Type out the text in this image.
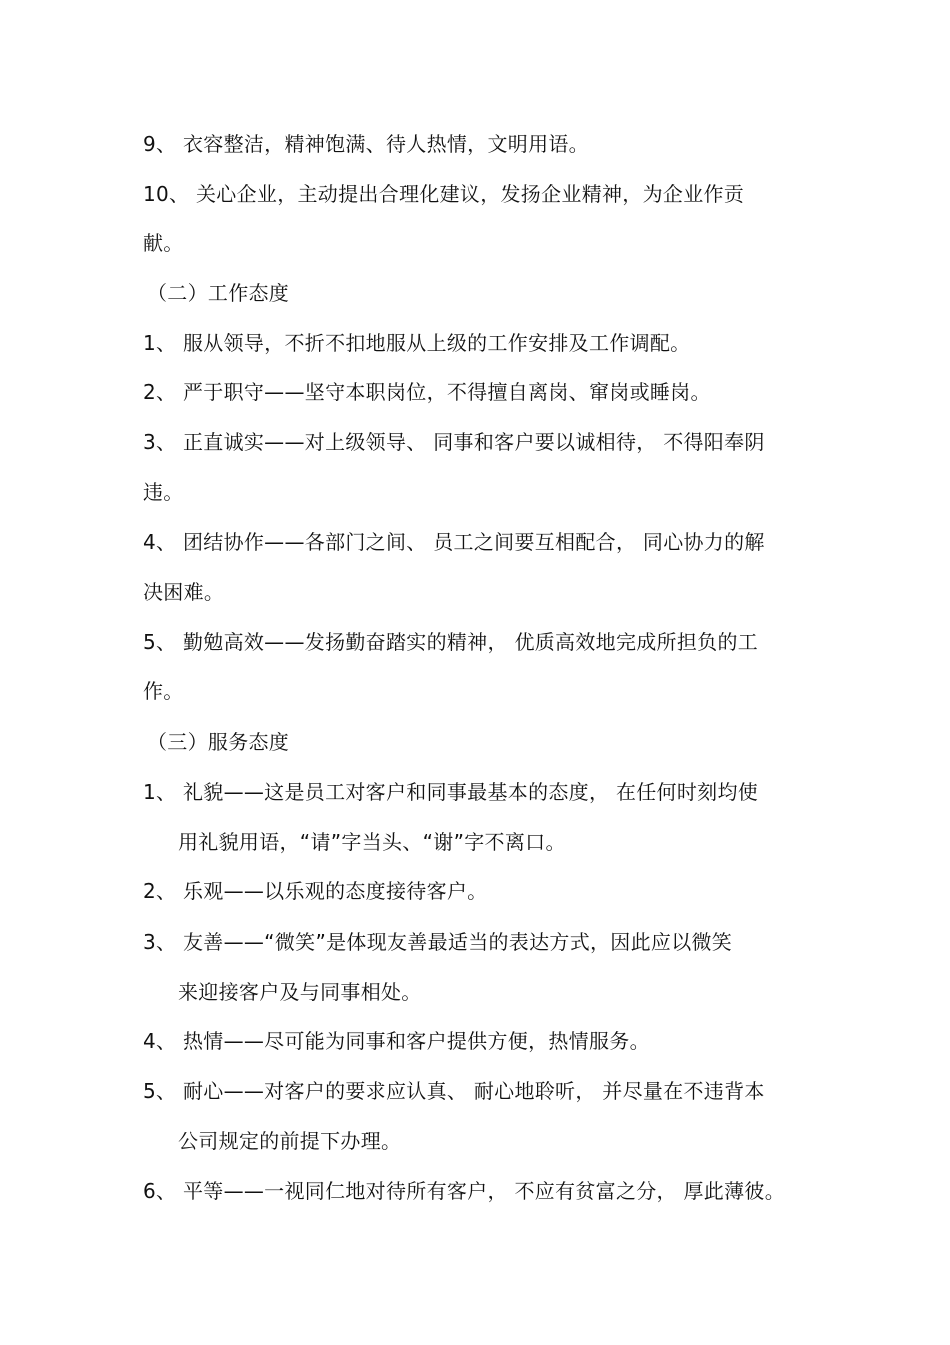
9、 衣容整洁，精神饱满、待人热情，文明用语。
10、 关心企业，主动提出合理化建议，发扬企业精神，为企业作贡
献。
（二）工作态度
1、 服从领导，不折不扣地服从上级的工作安排及工作调配。
2、 严于职守——坚守本职岗位，不得擅自离岗、窜岗或睡岗。
3、 正直诚实——对上级领导、 同事和客户要以诚相待， 不得阳奉阴
违。
4、 团结协作——各部门之间、 员工之间要互相配合， 同心协力的解
决困难。
5、 勤勉高效——发扬勤奋踏实的精神， 优质高效地完成所担负的工
作。
（三）服务态度
1、 礼貌——这是员工对客户和同事最基本的态度， 在任何时刻均使
用礼貌用语，“请”字当头、“谢”字不离口。
2、 乐观——以乐观的态度接待客户。
3、 友善——“微笑”是体现友善最适当的表达方式，因此应以微笑
来迎接客户及与同事相处。
4、 热情——尽可能为同事和客户提供方便，热情服务。
5、 耐心——对客户的要求应认真、 耐心地聆听， 并尽量在不违背本
公司规定的前提下办理。
6、 平等——一视同仁地对待所有客户， 不应有贫富之分， 厚此薄彼。
